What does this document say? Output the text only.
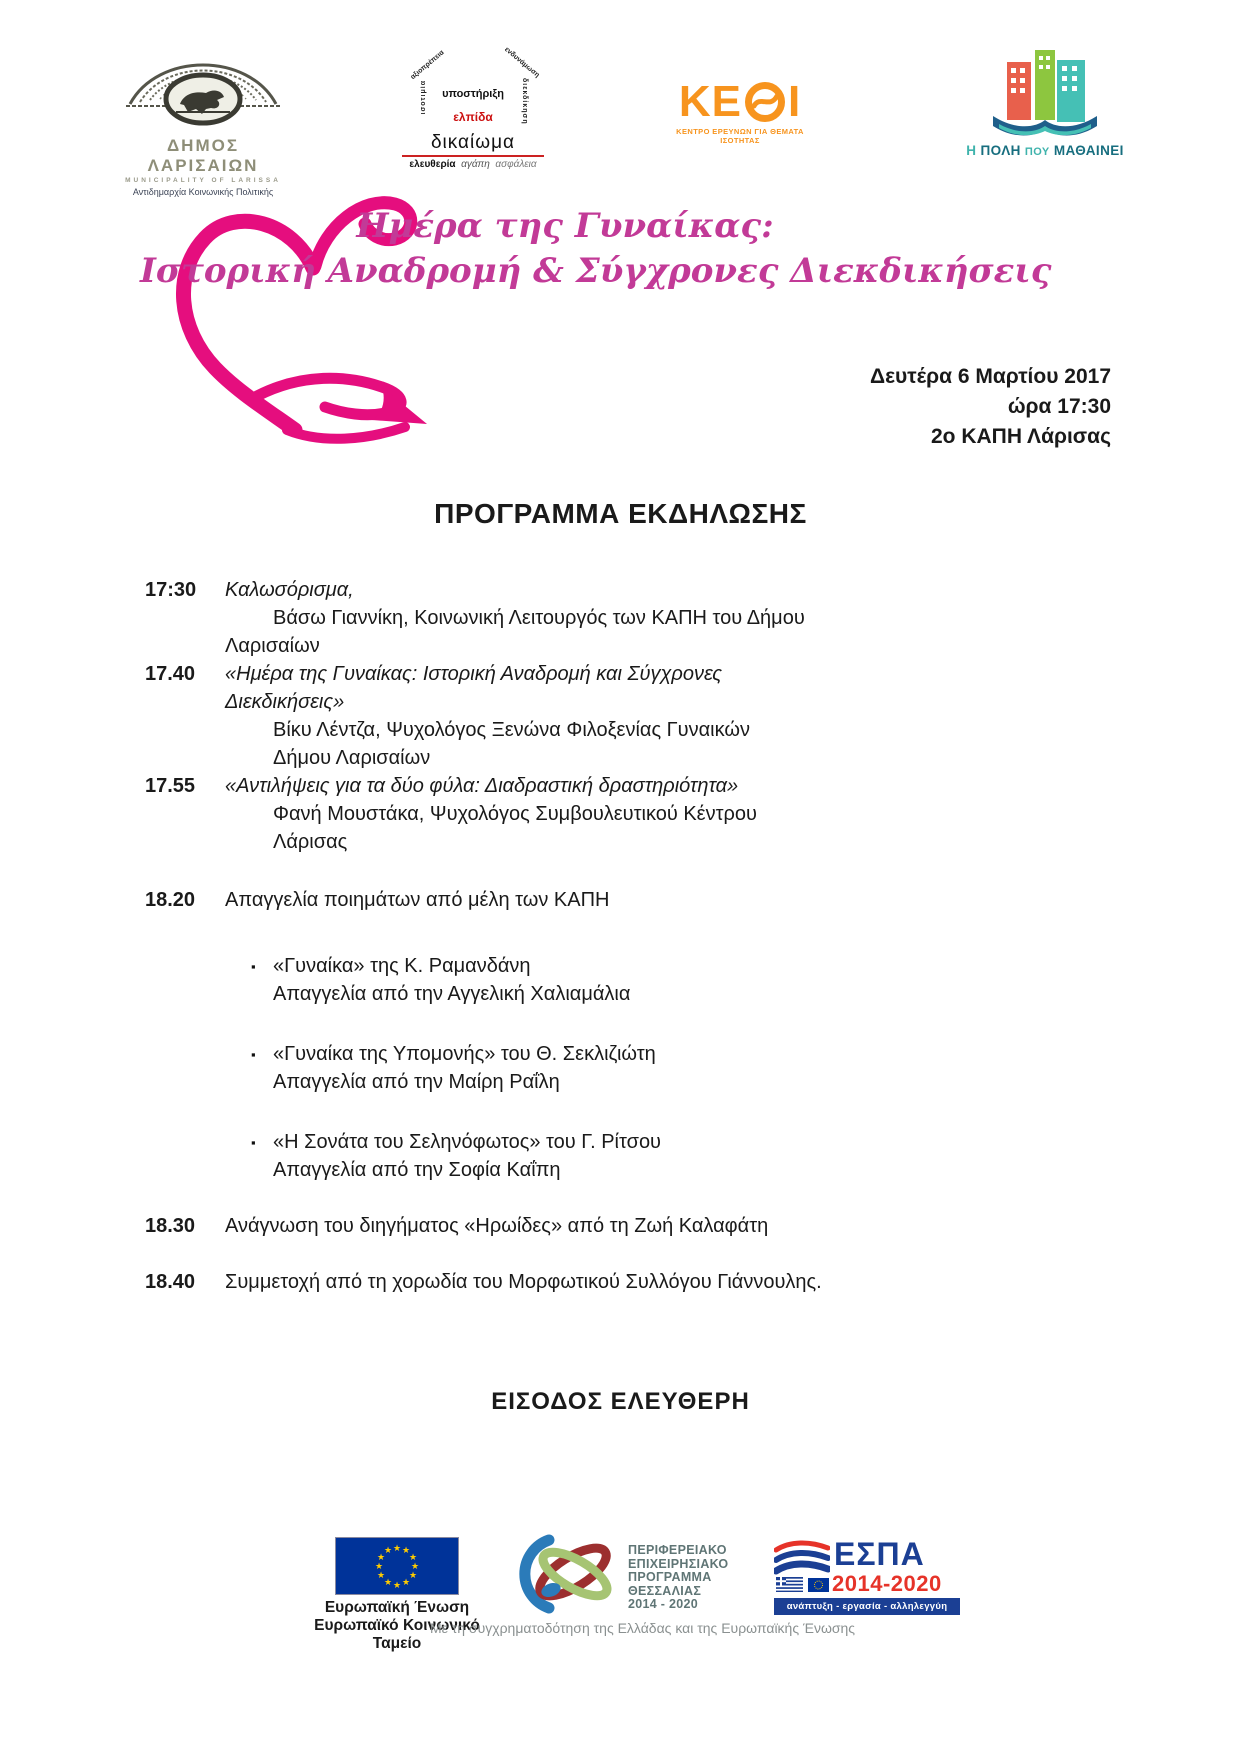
ΔΗΜΟΣ ΛΑΡΙΣΑΙΩΝ
MUNICIPALITY OF LARISSA
Αντιδημαρχία Κοινωνικής Πολιτικής
αξιοπρέπεια	ενδυνάμωση
ισοτιμία	διεκδίκηση
υποστήριξη
ελπίδα
δικαίωμα
ελευθερία αγάπη ασφάλεια
ΚΕ Ι
ΚΕΝΤΡΟ ΕΡΕΥΝΩΝ ΓΙΑ ΘΕΜΑΤΑ ΙΣΟΤΗΤΑΣ
Η ΠΟΛΗ ΠΟΥ ΜΑΘΑΙΝΕΙ
Ημέρα της Γυναίκας:
Ιστορική Αναδρομή & Σύγχρονες Διεκδικήσεις
Δευτέρα 6 Μαρτίου 2017
ώρα 17:30
2ο ΚΑΠΗ Λάρισας
ΠΡΟΓΡΑΜΜΑ ΕΚΔΗΛΩΣΗΣ
17:30 Καλωσόρισμα,
Βάσω Γιαννίκη, Κοινωνική Λειτουργός των ΚΑΠΗ του Δήμου
Λαρισαίων
17.40 «Ημέρα της Γυναίκας: Ιστορική Αναδρομή και Σύγχρονες
Διεκδικήσεις»
Βίκυ Λέντζα, Ψυχολόγος Ξενώνα Φιλοξενίας Γυναικών
Δήμου Λαρισαίων
17.55 «Αντιλήψεις για τα δύο φύλα: Διαδραστική δραστηριότητα»
Φανή Μουστάκα, Ψυχολόγος Συμβουλευτικού Κέντρου
Λάρισας
18.20 Απαγγελία ποιημάτων από μέλη των ΚΑΠΗ
▪ «Γυναίκα» της Κ. Ραμανδάνη
Απαγγελία από την Αγγελική Χαλιαμάλια
▪ «Γυναίκα της Υπομονής» του Θ. Σεκλιζιώτη
Απαγγελία από την Μαίρη Ραΐλη
▪ «Η Σονάτα του Σεληνόφωτος» του Γ. Ρίτσου
Απαγγελία από την Σοφία Καΐπη
18.30 Ανάγνωση του διηγήματος «Ηρωίδες» από τη Ζωή Καλαφάτη
18.40 Συμμετοχή από τη χορωδία του Μορφωτικού Συλλόγου Γιάννουλης.
ΕΙΣΟΔΟΣ ΕΛΕΥΘΕΡΗ
★ ★
★
★
★
★
★
★
★
★
★
★
Ευρωπαϊκή Ένωση
Ευρωπαϊκό Κοινωνικό Ταμείο
ΠΕΡΙΦΕΡΕΙΑΚΟ
ΕΠΙΧΕΙΡΗΣΙΑΚΟ
ΠΡΟΓΡΑΜΜΑ
ΘΕΣΣΑΛΙΑΣ
2014 - 2020
ΕΣΠΑ
2014-2020
ανάπτυξη - εργασία - αλληλεγγύη
Με τη συγχρηματοδότηση της Ελλάδας και της Ευρωπαϊκής Ένωσης
